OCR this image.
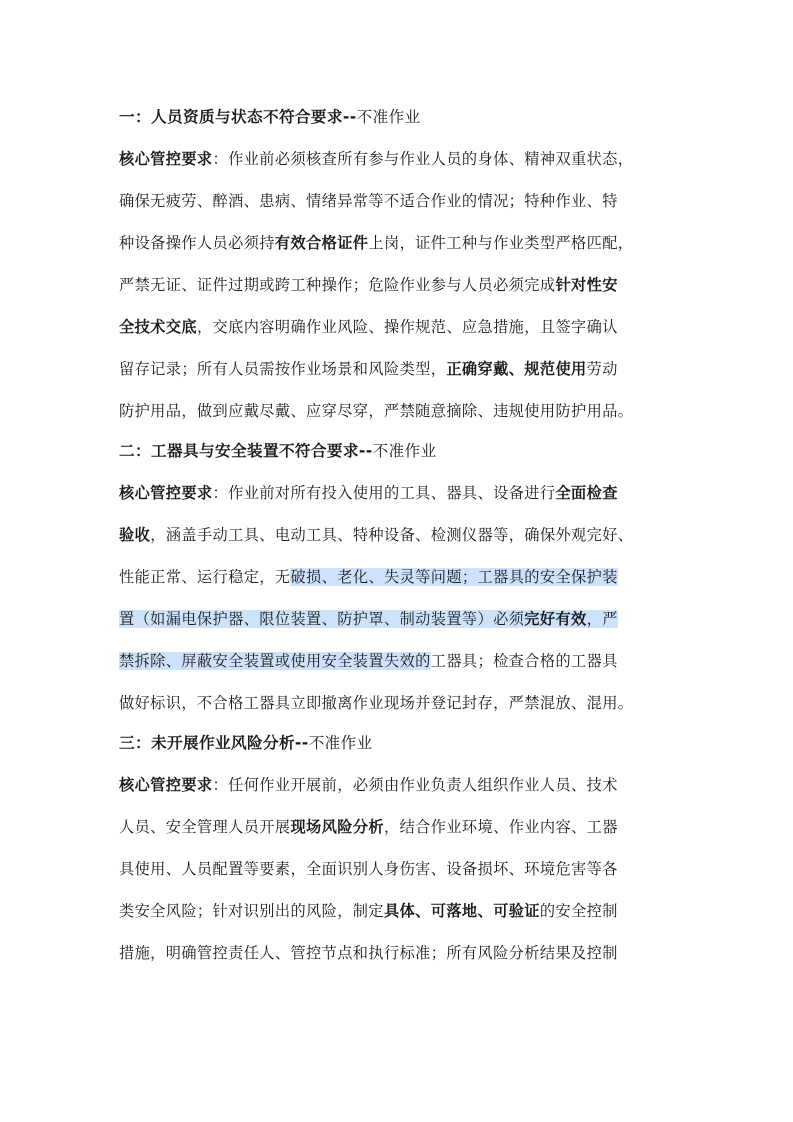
一：人员资质与状态不符合要求--不准作业
核心管控要求：作业前必须核查所有参与作业人员的身体、精神双重状态，
确保无疲劳、醉酒、患病、情绪异常等不适合作业的情况；特种作业、特
种设备操作人员必须持有效合格证件上岗，证件工种与作业类型严格匹配，
严禁无证、证件过期或跨工种操作；危险作业参与人员必须完成针对性安
全技术交底，交底内容明确作业风险、操作规范、应急措施，且签字确认
留存记录；所有人员需按作业场景和风险类型，正确穿戴、规范使用劳动
防护用品，做到应戴尽戴、应穿尽穿，严禁随意摘除、违规使用防护用品。
二：工器具与安全装置不符合要求--不准作业
核心管控要求：作业前对所有投入使用的工具、器具、设备进行全面检查
验收，涵盖手动工具、电动工具、特种设备、检测仪器等，确保外观完好、
性能正常、运行稳定，无破损、老化、失灵等问题；工器具的安全保护装
置（如漏电保护器、限位装置、防护罩、制动装置等）必须完好有效，严
禁拆除、屏蔽安全装置或使用安全装置失效的工器具；检查合格的工器具
做好标识，不合格工器具立即撤离作业现场并登记封存，严禁混放、混用。
三：未开展作业风险分析--不准作业
核心管控要求：任何作业开展前，必须由作业负责人组织作业人员、技术
人员、安全管理人员开展现场风险分析，结合作业环境、作业内容、工器
具使用、人员配置等要素，全面识别人身伤害、设备损坏、环境危害等各
类安全风险；针对识别出的风险，制定具体、可落地、可验证的安全控制
措施，明确管控责任人、管控节点和执行标准；所有风险分析结果及控制
